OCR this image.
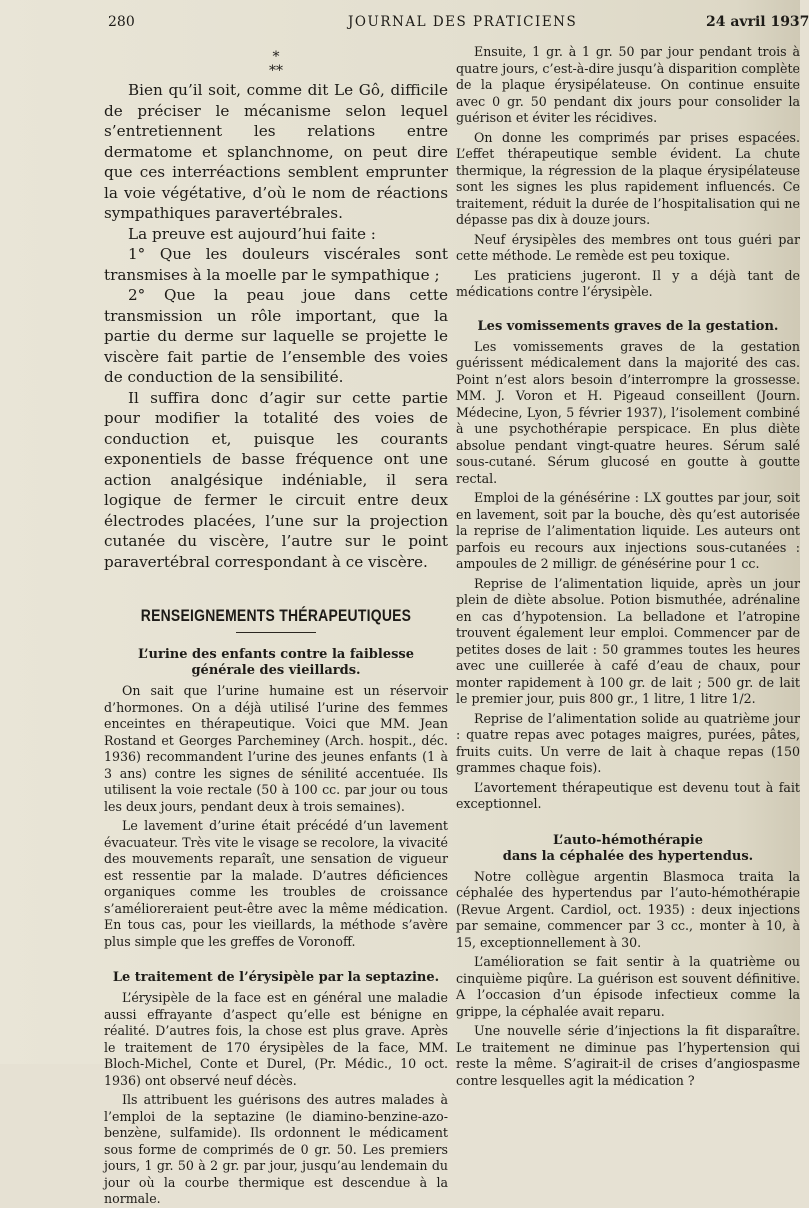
280	JOURNAL DES PRATICIENS	24 avril 1937
*
**

Bien qu’il soit, comme dit Le Gô, difficile de préciser le mécanisme selon lequel s’entretiennent les relations entre dermatome et splanchnome, on peut dire que ces interréactions semblent emprunter la voie végétative, d’où le nom de réactions sympathiques paravertébrales.

La preuve est aujourd’hui faite :

1° Que les douleurs viscérales sont transmises à la moelle par le sympathique ;

2° Que la peau joue dans cette transmission un rôle important, que la partie du derme sur laquelle se projette le viscère fait partie de l’ensemble des voies de conduction de la sensibilité.

Il suffira donc d’agir sur cette partie pour modifier la totalité des voies de conduction et, puisque les courants exponentiels de basse fréquence ont une action analgésique indéniable, il sera logique de fermer le circuit entre deux électrodes placées, l’une sur la projection cutanée du viscère, l’autre sur le point paravertébral correspondant à ce viscère.

RENSEIGNEMENTS THÉRAPEUTIQUES
L’urine des enfants contre la faiblesse générale des vieillards.

On sait que l’urine humaine est un réservoir d’hormones. On a déjà utilisé l’urine des femmes enceintes en thérapeutique. Voici que MM. Jean Rostand et Georges Parcheminey (Arch. hospit., déc. 1936) recommandent l’urine des jeunes enfants (1 à 3 ans) contre les signes de sénilité accentuée. Ils utilisent la voie rectale (50 à 100 cc. par jour ou tous les deux jours, pendant deux à trois semaines).

Le lavement d’urine était précédé d’un lavement évacuateur. Très vite le visage se recolore, la vivacité des mouvements reparaît, une sensation de vigueur est ressentie par la malade. D’autres déficiences organiques comme les troubles de croissance s’amélioreraient peut-être avec la même médication. En tous cas, pour les vieillards, la méthode s’avère plus simple que les greffes de Voronoff.

Le traitement de l’érysipèle par la septazine.

L’érysipèle de la face est en général une maladie aussi effrayante d’aspect qu’elle est bénigne en réalité. D’autres fois, la chose est plus grave. Après le traitement de 170 érysipèles de la face, MM. Bloch-Michel, Conte et Durel, (Pr. Médic., 10 oct. 1936) ont observé neuf décès.

Ils attribuent les guérisons des autres malades à l’emploi de la septazine (le diamino-benzine-azo-benzène, sulfamide). Ils ordonnent le médicament sous forme de comprimés de 0 gr. 50. Les premiers jours, 1 gr. 50 à 2 gr. par jour, jusqu’au lendemain du jour où la courbe thermique est descendue à la normale.

Ensuite, 1 gr. à 1 gr. 50 par jour pendant trois à quatre jours, c’est-à-dire jusqu’à disparition complète de la plaque érysipélateuse. On continue ensuite avec 0 gr. 50 pendant dix jours pour consolider la guérison et éviter les récidives.

On donne les comprimés par prises espacées. L’effet thérapeutique semble évident. La chute thermique, la régression de la plaque érysipélateuse sont les signes les plus rapidement influencés. Ce traitement, réduit la durée de l’hospitalisation qui ne dépasse pas dix à douze jours.

Neuf érysipèles des membres ont tous guéri par cette méthode. Le remède est peu toxique.

Les praticiens jugeront. Il y a déjà tant de médications contre l’érysipèle.

Les vomissements graves de la gestation.

Les vomissements graves de la gestation guérissent médicalement dans la majorité des cas. Point n’est alors besoin d’interrompre la grossesse. MM. J. Voron et H. Pigeaud conseillent (Journ. Médecine, Lyon, 5 février 1937), l’isolement combiné à une psychothérapie perspicace. En plus diète absolue pendant vingt-quatre heures. Sérum salé sous-cutané. Sérum glucosé en goutte à goutte rectal.

Emploi de la génésérine : LX gouttes par jour, soit en lavement, soit par la bouche, dès qu’est autorisée la reprise de l’alimentation liquide. Les auteurs ont parfois eu recours aux injections sous-cutanées : ampoules de 2 milligr. de génésérine pour 1 cc.

Reprise de l’alimentation liquide, après un jour plein de diète absolue. Potion bismuthée, adrénaline en cas d’hypotension. La belladone et l’atropine trouvent également leur emploi. Commencer par de petites doses de lait : 50 grammes toutes les heures avec une cuillerée à café d’eau de chaux, pour monter rapidement à 100 gr. de lait ; 500 gr. de lait le premier jour, puis 800 gr., 1 litre, 1 litre 1/2.

Reprise de l’alimentation solide au quatrième jour : quatre repas avec potages maigres, purées, pâtes, fruits cuits. Un verre de lait à chaque repas (150 grammes chaque fois).

L’avortement thérapeutique est devenu tout à fait exceptionnel.

L’auto-hémothérapie
dans la céphalée des hypertendus.

Notre collègue argentin Blasmoca traita la céphalée des hypertendus par l’auto-hémothérapie (Revue Argent. Cardiol, oct. 1935) : deux injections par semaine, commencer par 3 cc., monter à 10, à 15, exceptionnellement à 30.

L’amélioration se fait sentir à la quatrième ou cinquième piqûre. La guérison est souvent définitive. A l’occasion d’un épisode infectieux comme la grippe, la céphalée avait reparu.

Une nouvelle série d’injections la fit disparaître. Le traitement ne diminue pas l’hypertension qui reste la même. S’agirait-il de crises d’angiospasme contre lesquelles agit la médication ?
